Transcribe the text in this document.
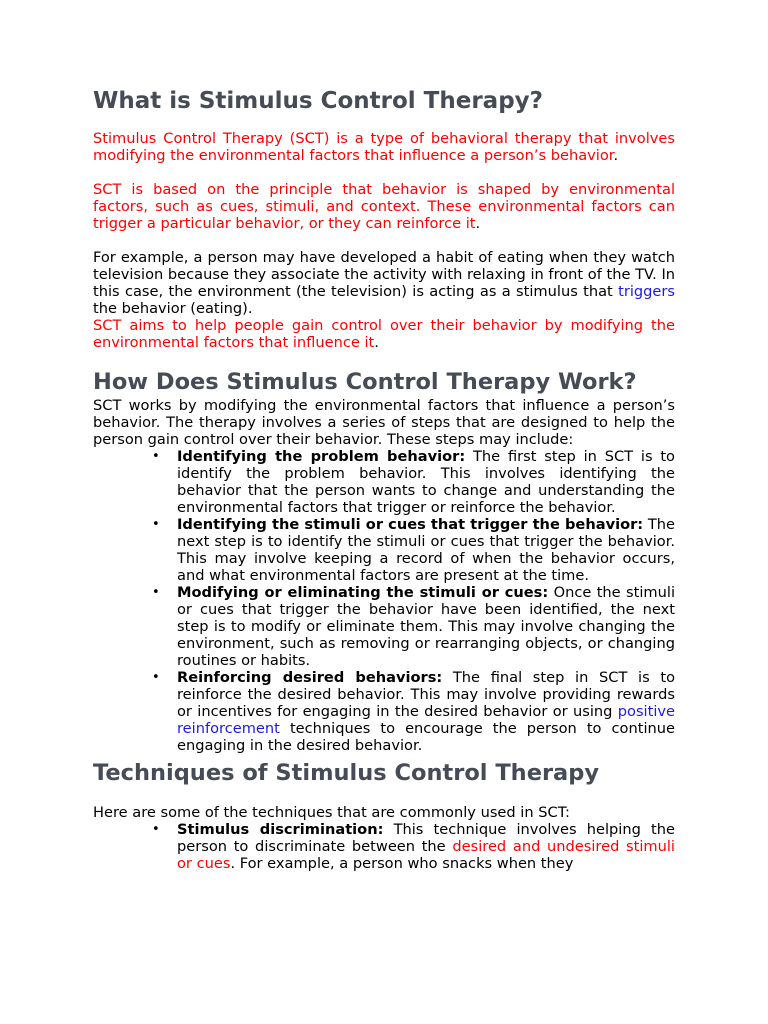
What is Stimulus Control Therapy?

Stimulus Control Therapy (SCT) is a type of behavioral therapy that involves modifying the environmental factors that influence a person’s behavior.

SCT is based on the principle that behavior is shaped by environmental factors, such as cues, stimuli, and context. These environmental factors can trigger a particular behavior, or they can reinforce it.

For example, a person may have developed a habit of eating when they watch television because they associate the activity with relaxing in front of the TV. In this case, the environment (the television) is acting as a stimulus that triggers the behavior (eating).

SCT aims to help people gain control over their behavior by modifying the environmental factors that influence it.

How Does Stimulus Control Therapy Work?

SCT works by modifying the environmental factors that influence a person’s behavior. The therapy involves a series of steps that are designed to help the person gain control over their behavior. These steps may include:

• Identifying the problem behavior: The first step in SCT is to identify the problem behavior. This involves identifying the behavior that the person wants to change and understanding the environmental factors that trigger or reinforce the behavior.
• Identifying the stimuli or cues that trigger the behavior: The next step is to identify the stimuli or cues that trigger the behavior. This may involve keeping a record of when the behavior occurs, and what environmental factors are present at the time.
• Modifying or eliminating the stimuli or cues: Once the stimuli or cues that trigger the behavior have been identified, the next step is to modify or eliminate them. This may involve changing the environment, such as removing or rearranging objects, or changing routines or habits.
• Reinforcing desired behaviors: The final step in SCT is to reinforce the desired behavior. This may involve providing rewards or incentives for engaging in the desired behavior or using positive reinforcement techniques to encourage the person to continue engaging in the desired behavior.
Techniques of Stimulus Control Therapy

Here are some of the techniques that are commonly used in SCT:

• Stimulus discrimination: This technique involves helping the person to discriminate between the desired and undesired stimuli or cues. For example, a person who snacks when they
